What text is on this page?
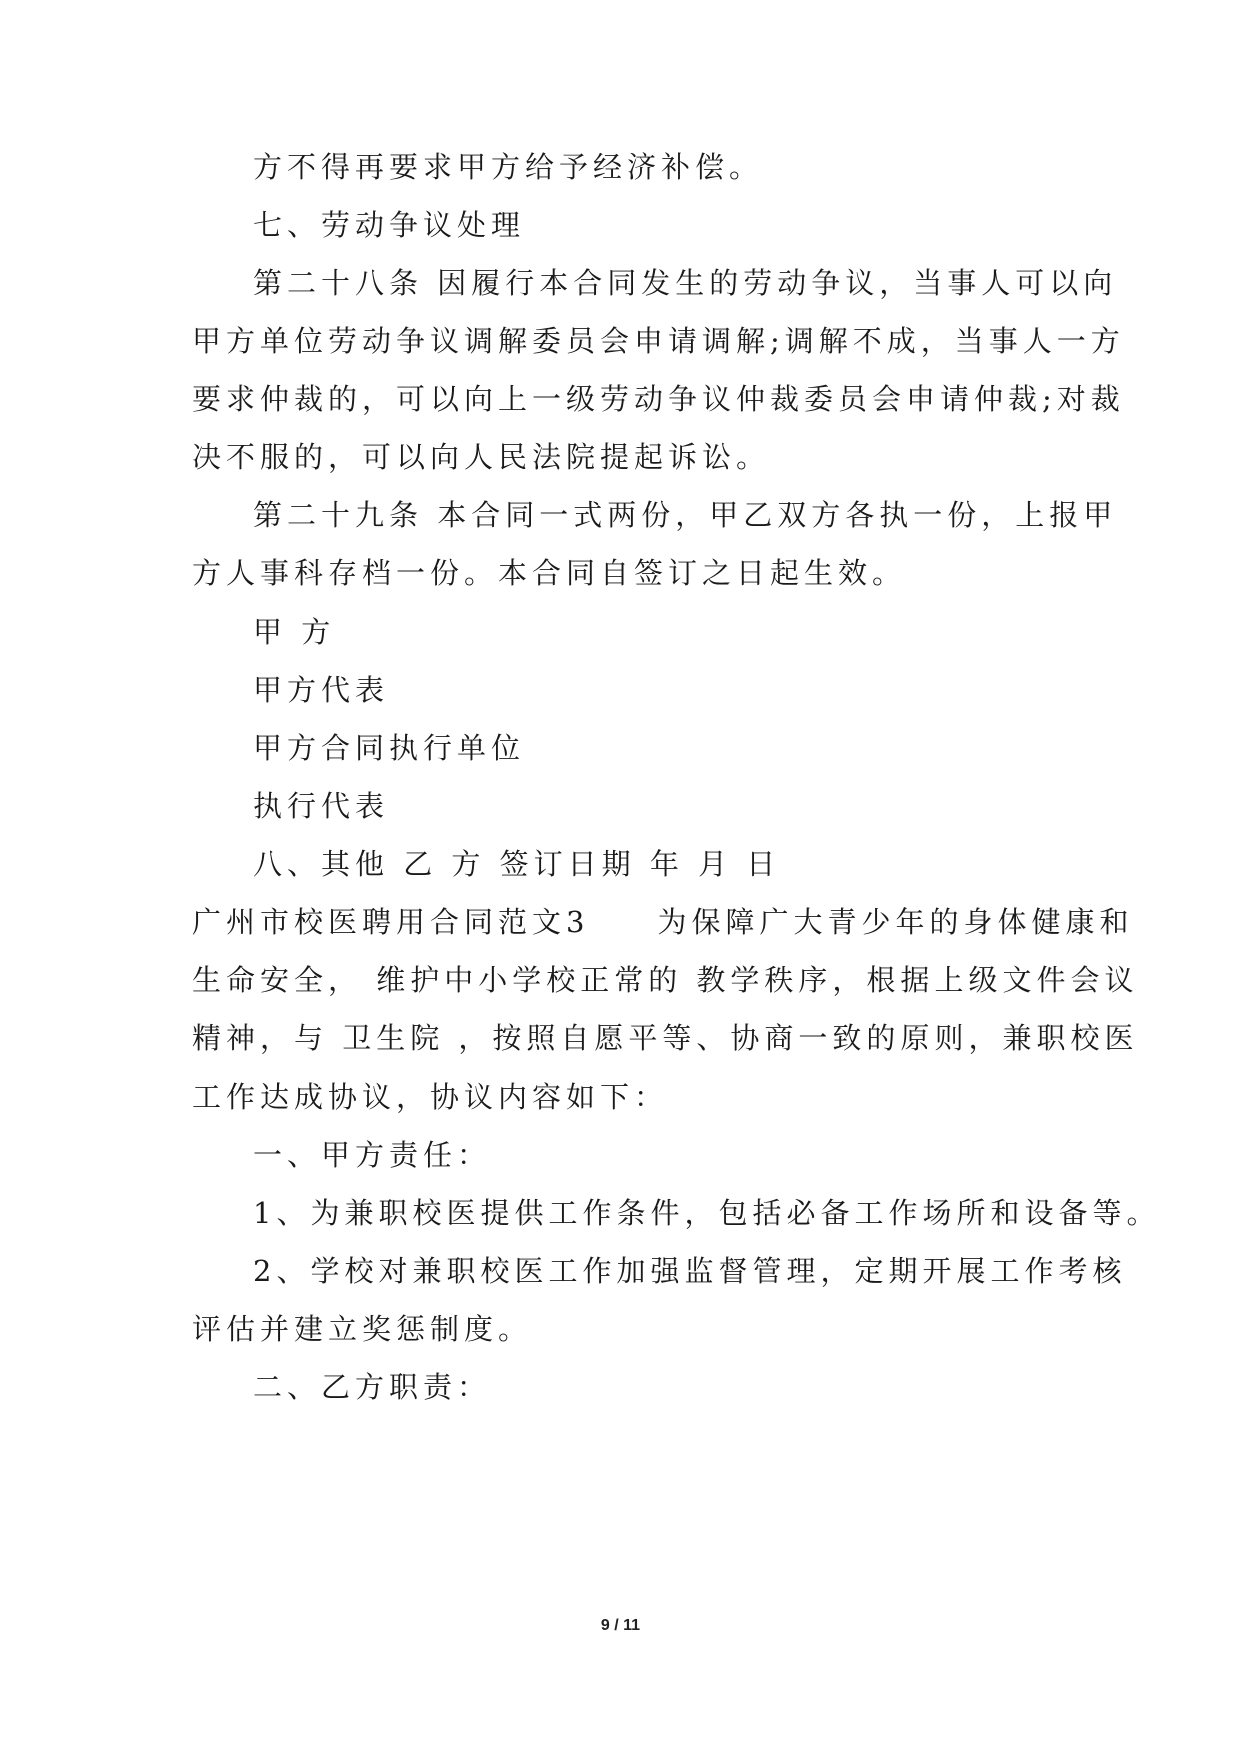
方不得再要求甲方给予经济补偿。
七、劳动争议处理
第二十八条 因履行本合同发生的劳动争议，当事人可以向
甲方单位劳动争议调解委员会申请调解;调解不成，当事人一方
要求仲裁的，可以向上一级劳动争议仲裁委员会申请仲裁;对裁
决不服的，可以向人民法院提起诉讼。
第二十九条 本合同一式两份，甲乙双方各执一份，上报甲
方人事科存档一份。本合同自签订之日起生效。
甲 方
甲方代表
甲方合同执行单位
执行代表
八、其他 乙 方 签订日期 年 月 日
广州市校医聘用合同范文3　　为保障广大青少年的身体健康和
生命安全， 维护中小学校正常的 教学秩序，根据上级文件会议
精神，与 卫生院 ，按照自愿平等、协商一致的原则，兼职校医
工作达成协议，协议内容如下：
一、甲方责任：
1、为兼职校医提供工作条件，包括必备工作场所和设备等。
2、学校对兼职校医工作加强监督管理，定期开展工作考核
评估并建立奖惩制度。
二、乙方职责：
9 / 11
